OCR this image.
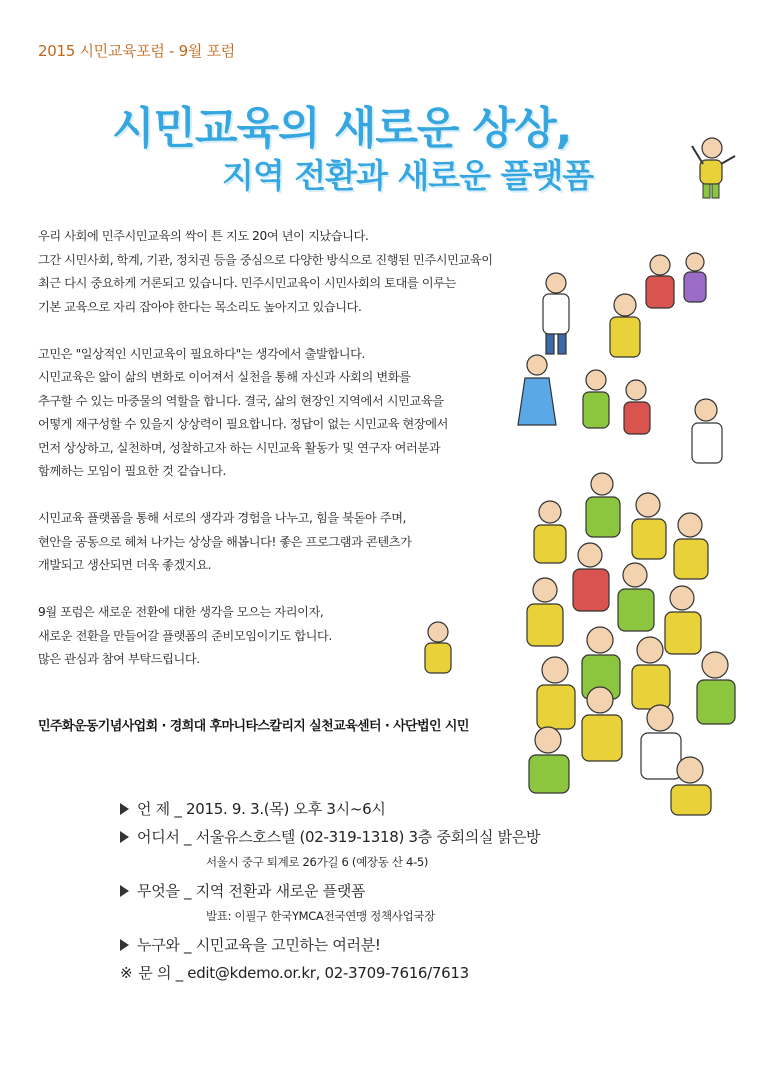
2015 시민교육포럼 - 9월 포럼
시민교육의 새로운 상상,
지역 전환과 새로운 플랫폼
우리 사회에 민주시민교육의 싹이 튼 지도 20여 년이 지났습니다.
그간 시민사회, 학계, 기관, 정치권 등을 중심으로 다양한 방식으로 진행된 민주시민교육이
최근 다시 중요하게 거론되고 있습니다. 민주시민교육이 시민사회의 토대를 이루는
기본 교육으로 자리 잡아야 한다는 목소리도 높아지고 있습니다.
고민은 "일상적인 시민교육이 필요하다"는 생각에서 출발합니다.
시민교육은 앎이 삶의 변화로 이어져서 실천을 통해 자신과 사회의 변화를
추구할 수 있는 마중물의 역할을 합니다. 결국, 삶의 현장인 지역에서 시민교육을
어떻게 재구성할 수 있을지 상상력이 필요합니다. 정답이 없는 시민교육 현장에서
먼저 상상하고, 실천하며, 성찰하고자 하는 시민교육 활동가 및 연구자 여러분과
함께하는 모임이 필요한 것 같습니다.
시민교육 플랫폼을 통해 서로의 생각과 경험을 나누고, 힘을 북돋아 주며,
현안을 공동으로 헤쳐 나가는 상상을 해봅니다! 좋은 프로그램과 콘텐츠가
개발되고 생산되면 더욱 좋겠지요.
9월 포럼은 새로운 전환에 대한 생각을 모으는 자리이자,
새로운 전환을 만들어갈 플랫폼의 준비모임이기도 합니다.
많은 관심과 참여 부탁드립니다.
민주화운동기념사업회 · 경희대 후마니타스칼리지 실천교육센터 · 사단법인 시민
언 제 _ 2015. 9. 3.(목) 오후 3시~6시
어디서 _ 서울유스호스텔 (02-319-1318) 3층 중회의실 밝은방
서울시 중구 퇴계로 26가길 6 (예장동 산 4-5)
무엇을 _ 지역 전환과 새로운 플랫폼
발표: 이필구 한국YMCA전국연맹 정책사업국장
누구와 _ 시민교육을 고민하는 여러분!
※ 문 의 _ edit@kdemo.or.kr, 02-3709-7616/7613
